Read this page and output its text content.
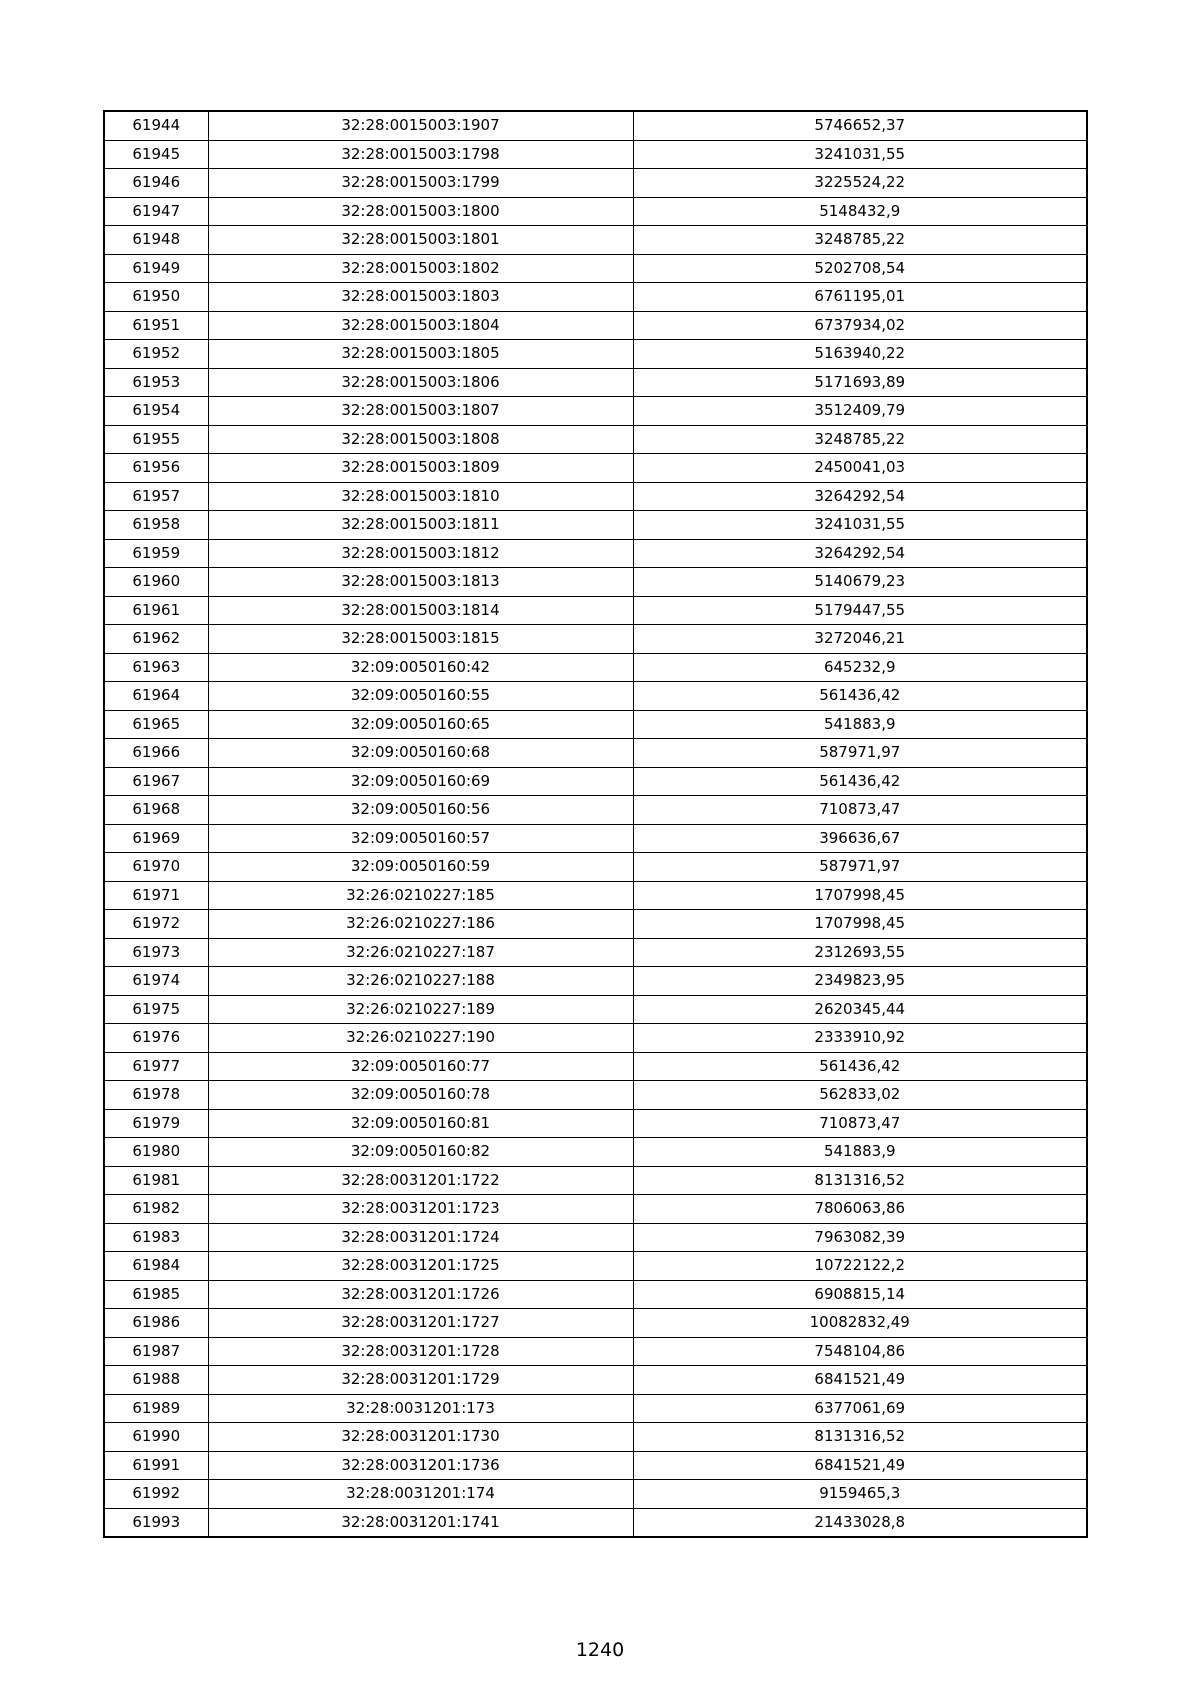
61944	32:28:0015003:1907	5746652,37
61945	32:28:0015003:1798	3241031,55
61946	32:28:0015003:1799	3225524,22
61947	32:28:0015003:1800	5148432,9
61948	32:28:0015003:1801	3248785,22
61949	32:28:0015003:1802	5202708,54
61950	32:28:0015003:1803	6761195,01
61951	32:28:0015003:1804	6737934,02
61952	32:28:0015003:1805	5163940,22
61953	32:28:0015003:1806	5171693,89
61954	32:28:0015003:1807	3512409,79
61955	32:28:0015003:1808	3248785,22
61956	32:28:0015003:1809	2450041,03
61957	32:28:0015003:1810	3264292,54
61958	32:28:0015003:1811	3241031,55
61959	32:28:0015003:1812	3264292,54
61960	32:28:0015003:1813	5140679,23
61961	32:28:0015003:1814	5179447,55
61962	32:28:0015003:1815	3272046,21
61963	32:09:0050160:42	645232,9
61964	32:09:0050160:55	561436,42
61965	32:09:0050160:65	541883,9
61966	32:09:0050160:68	587971,97
61967	32:09:0050160:69	561436,42
61968	32:09:0050160:56	710873,47
61969	32:09:0050160:57	396636,67
61970	32:09:0050160:59	587971,97
61971	32:26:0210227:185	1707998,45
61972	32:26:0210227:186	1707998,45
61973	32:26:0210227:187	2312693,55
61974	32:26:0210227:188	2349823,95
61975	32:26:0210227:189	2620345,44
61976	32:26:0210227:190	2333910,92
61977	32:09:0050160:77	561436,42
61978	32:09:0050160:78	562833,02
61979	32:09:0050160:81	710873,47
61980	32:09:0050160:82	541883,9
61981	32:28:0031201:1722	8131316,52
61982	32:28:0031201:1723	7806063,86
61983	32:28:0031201:1724	7963082,39
61984	32:28:0031201:1725	10722122,2
61985	32:28:0031201:1726	6908815,14
61986	32:28:0031201:1727	10082832,49
61987	32:28:0031201:1728	7548104,86
61988	32:28:0031201:1729	6841521,49
61989	32:28:0031201:173	6377061,69
61990	32:28:0031201:1730	8131316,52
61991	32:28:0031201:1736	6841521,49
61992	32:28:0031201:174	9159465,3
61993	32:28:0031201:1741	21433028,8
1240
